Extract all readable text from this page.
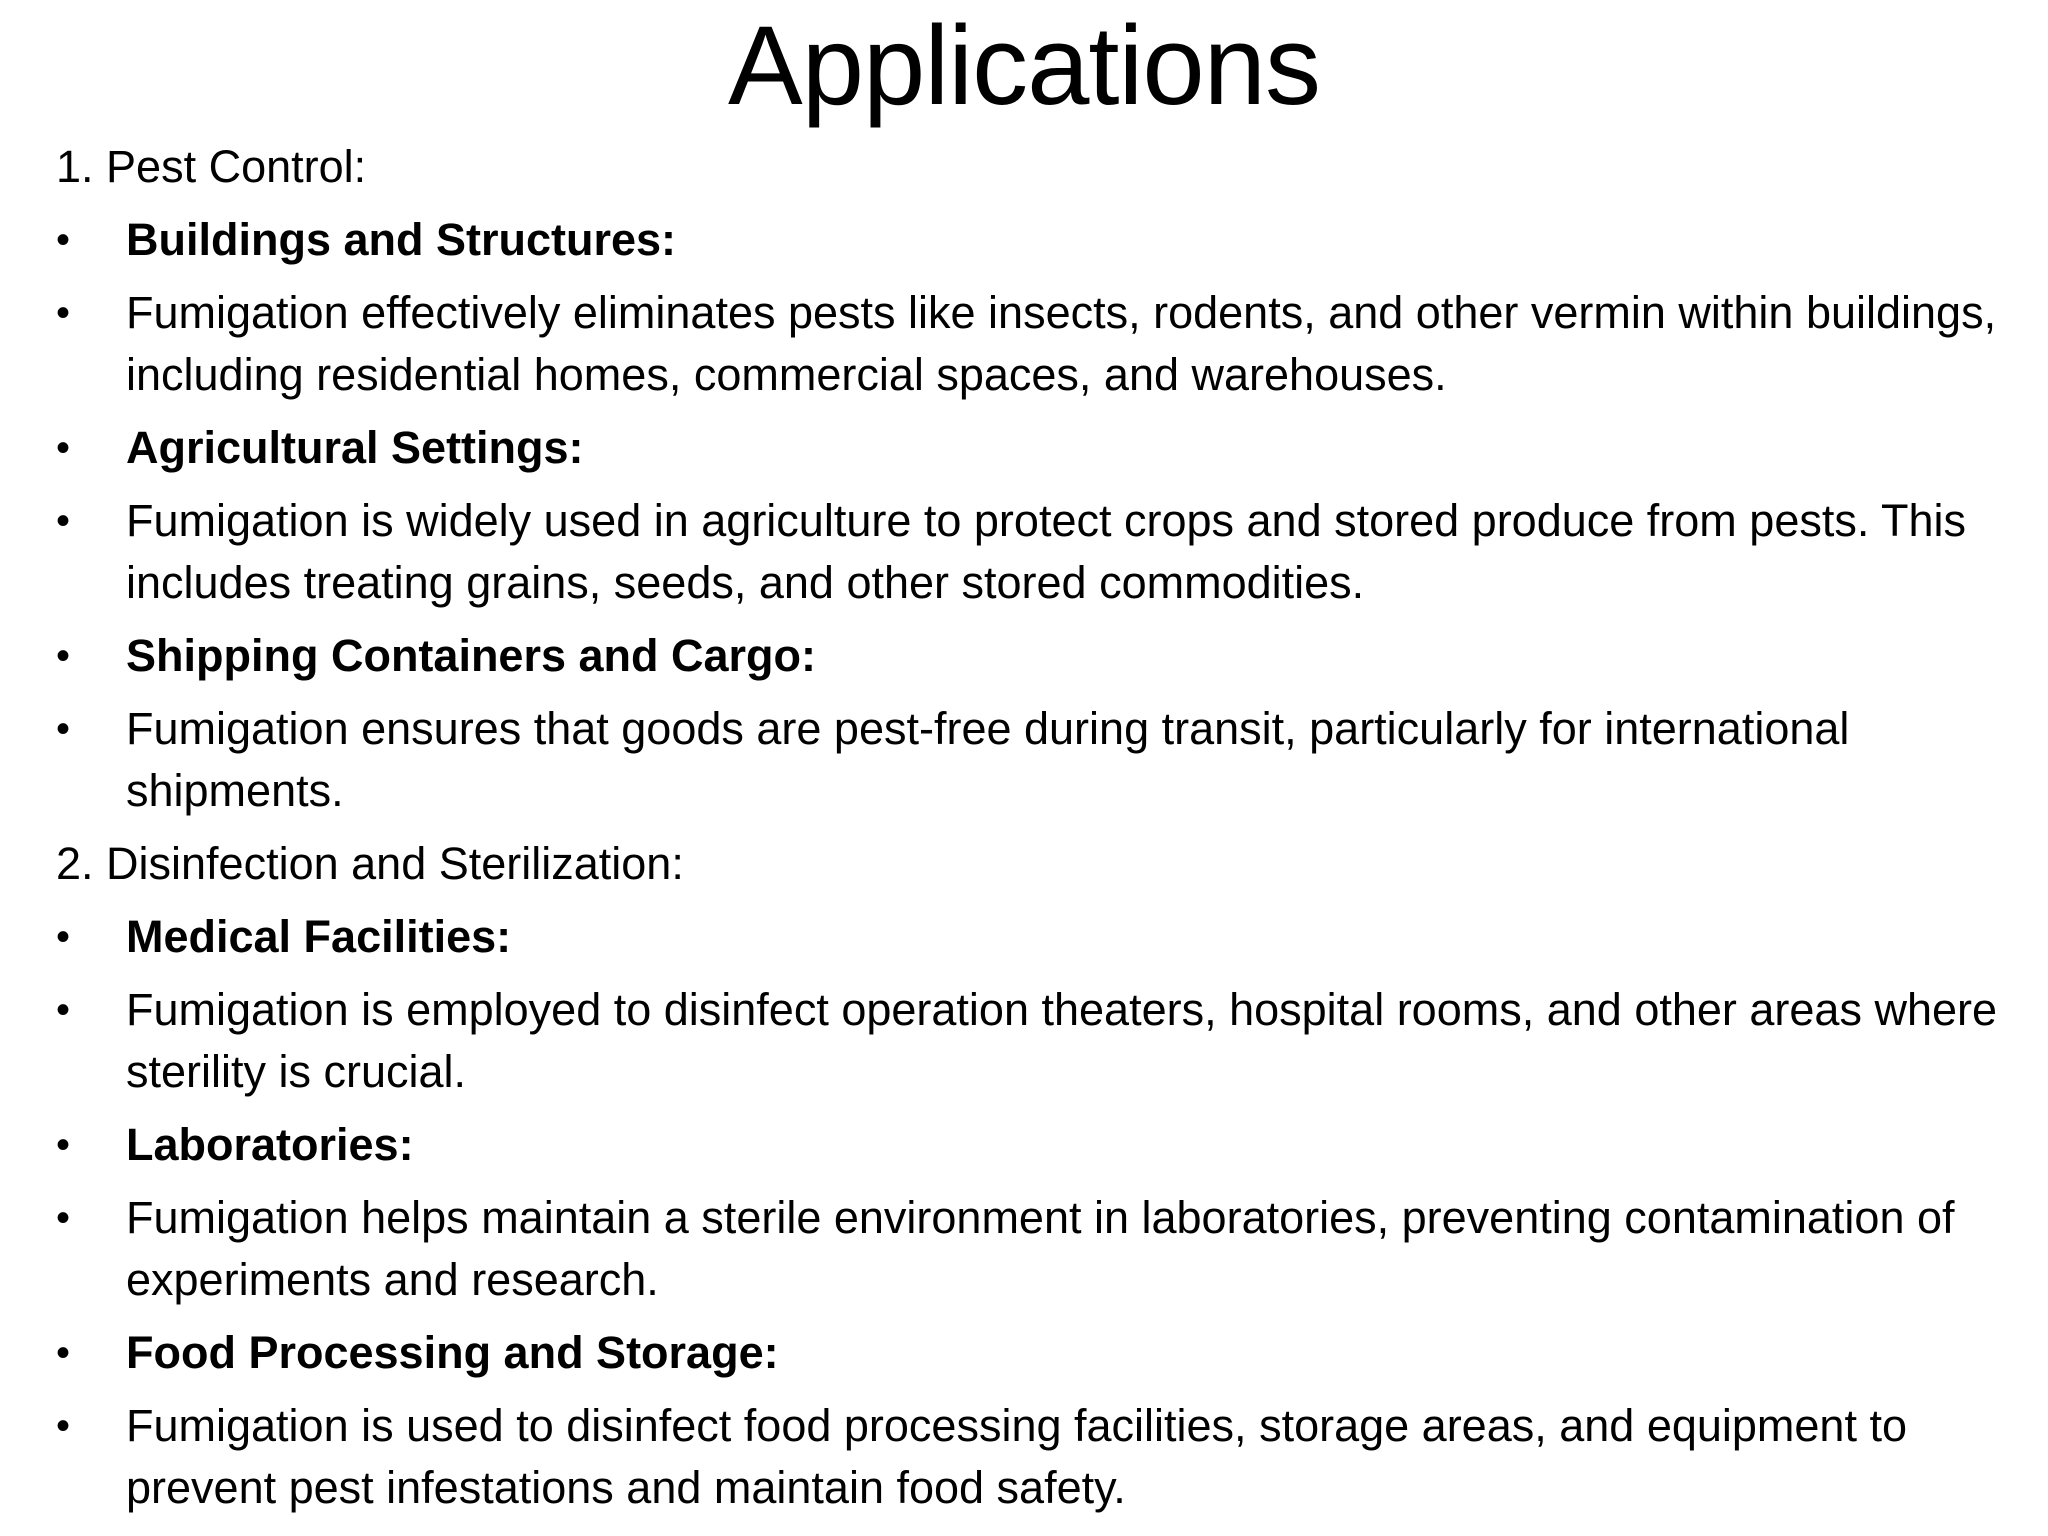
Applications
1. Pest Control:
•	Buildings and Structures:
•	Fumigation effectively eliminates pests like insects, rodents, and other vermin within buildings, including residential homes, commercial spaces, and warehouses.
•	Agricultural Settings:
•	Fumigation is widely used in agriculture to protect crops and stored produce from pests. This includes treating grains, seeds, and other stored commodities.
•	Shipping Containers and Cargo:
•	Fumigation ensures that goods are pest-free during transit, particularly for international shipments.
2. Disinfection and Sterilization:
•	Medical Facilities:
•	Fumigation is employed to disinfect operation theaters, hospital rooms, and other areas where sterility is crucial.
•	Laboratories:
•	Fumigation helps maintain a sterile environment in laboratories, preventing contamination of experiments and research.
•	Food Processing and Storage:
•	Fumigation is used to disinfect food processing facilities, storage areas, and equipment to prevent pest infestations and maintain food safety.
